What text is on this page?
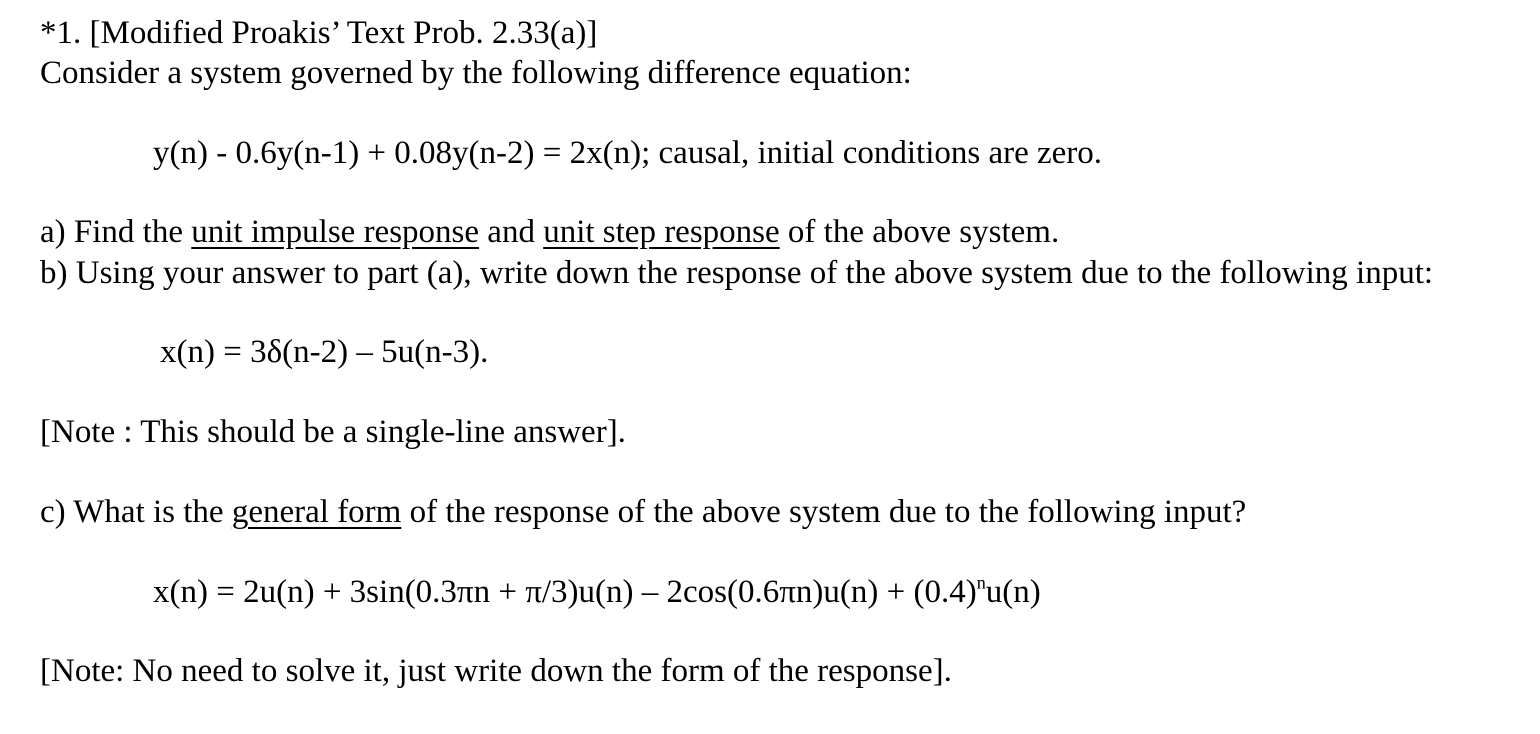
*1. [Modified Proakis’ Text Prob. 2.33(a)]
Consider a system governed by the following difference equation:
y(n) - 0.6y(n-1) + 0.08y(n-2) = 2x(n); causal, initial conditions are zero.
a) Find the unit impulse response and unit step response of the above system.
b) Using your answer to part (a), write down the response of the above system due to the following input:
x(n) = 3δ(n-2) – 5u(n-3).
[Note : This should be a single-line answer].
c) What is the general form of the response of the above system due to the following input?
$x(n) = 2u(n) + 3\sin(0.3\pi n + \pi/3)u(n) - 2\cos(0.6\pi n)u(n) + (0.4)^nu(n)$
[Note: No need to solve it, just write down the form of the response].
